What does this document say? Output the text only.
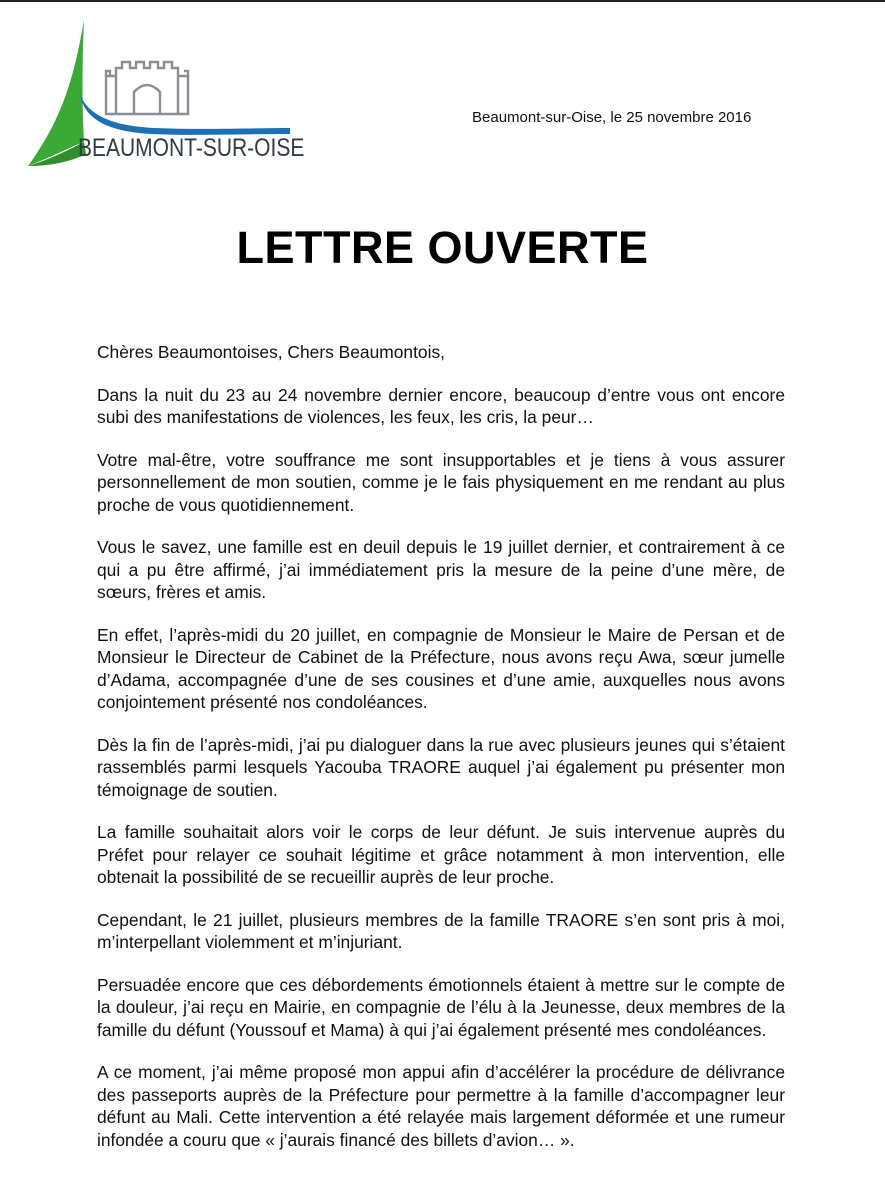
BEAUMONT-SUR-OISE
Beaumont-sur-Oise, le 25 novembre 2016
LETTRE OUVERTE

Chères Beaumontoises, Chers Beaumontois,

Dans la nuit du 23 au 24 novembre dernier encore, beaucoup d’entre vous ont encore subi des manifestations de violences, les feux, les cris, la peur…

Votre mal-être, votre souffrance me sont insupportables et je tiens à vous assurer personnellement de mon soutien, comme je le fais physiquement en me rendant au plus proche de vous quotidiennement.

Vous le savez, une famille est en deuil depuis le 19 juillet dernier, et contrairement à ce qui a pu être affirmé, j’ai immédiatement pris la mesure de la peine d’une mère, de sœurs, frères et amis.

En effet, l’après-midi du 20 juillet, en compagnie de Monsieur le Maire de Persan et de Monsieur le Directeur de Cabinet de la Préfecture, nous avons reçu Awa, sœur jumelle d’Adama, accompagnée d’une de ses cousines et d’une amie, auxquelles nous avons conjointement présenté nos condoléances.

Dès la fin de l’après-midi, j’ai pu dialoguer dans la rue avec plusieurs jeunes qui s’étaient rassemblés parmi lesquels Yacouba TRAORE auquel j’ai également pu présenter mon témoignage de soutien.

La famille souhaitait alors voir le corps de leur défunt. Je suis intervenue auprès du Préfet pour relayer ce souhait légitime et grâce notamment à mon intervention, elle obtenait la possibilité de se recueillir auprès de leur proche.

Cependant, le 21 juillet, plusieurs membres de la famille TRAORE s’en sont pris à moi, m’interpellant violemment et m’injuriant.

Persuadée encore que ces débordements émotionnels étaient à mettre sur le compte de la douleur, j’ai reçu en Mairie, en compagnie de l’élu à la Jeunesse, deux membres de la famille du défunt (Youssouf et Mama) à qui j’ai également présenté mes condoléances.

A ce moment, j’ai même proposé mon appui afin d’accélérer la procédure de délivrance des passeports auprès de la Préfecture pour permettre à la famille d’accompagner leur défunt au Mali. Cette intervention a été relayée mais largement déformée et une rumeur infondée a couru que « j’aurais financé des billets d’avion… ».
